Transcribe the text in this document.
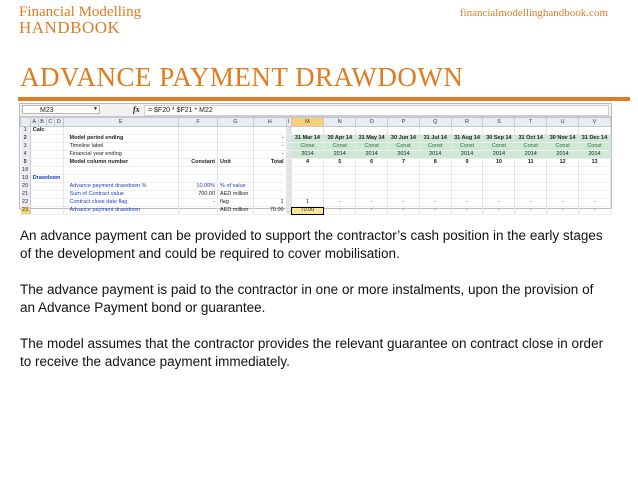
Financial Modelling
HANDBOOK
financialmodellinghandbook.com
ADVANCE PAYMENT DRAWDOWN
M23	▼	fx	= $F20 * $F21 * M22
	A	B	C	D	E	F	G	H	I	M	N	O	P	Q	R	S	T	U	V
1	Calc																		
2					Model period ending			-		31 Mar 14	30 Apr 14	31 May 14	30 Jun 14	31 Jul 14	31 Aug 14	30 Sep 14	31 Oct 14	30 Nov 14	31 Dec 14
3					Timeline label			-		Close	Const	Const	Const	Const	Const	Const	Const	Const	Const
4					Financial year ending			-		2014	2014	2014	2014	2014	2014	2014	2014	2014	2014
5					Model column number	Constant	Unit	Total		4	5	6	7	8	9	10	11	12	13
18																			
19	Drawdown																		
20					Advance payment drawdown %	10.00%	% of value												
21					Sum of Contract value	700.00	AED million												
22					Contract close date flag	-	flag	1		1	-	-	-	-	-	-	-	-	-
23					Advance payment drawdown		AED million	70.00		70.00	-	-	-	-	-	-	-	-	-

An advance payment can be provided to support the contractor’s cash position in the early stages of the development and could be required to cover mobilisation.

The advance payment is paid to the contractor in one or more instalments, upon the provision of an Advance Payment bond or guarantee.

The model assumes that the contractor provides the relevant guarantee on contract close in order to receive the advance payment immediately.
